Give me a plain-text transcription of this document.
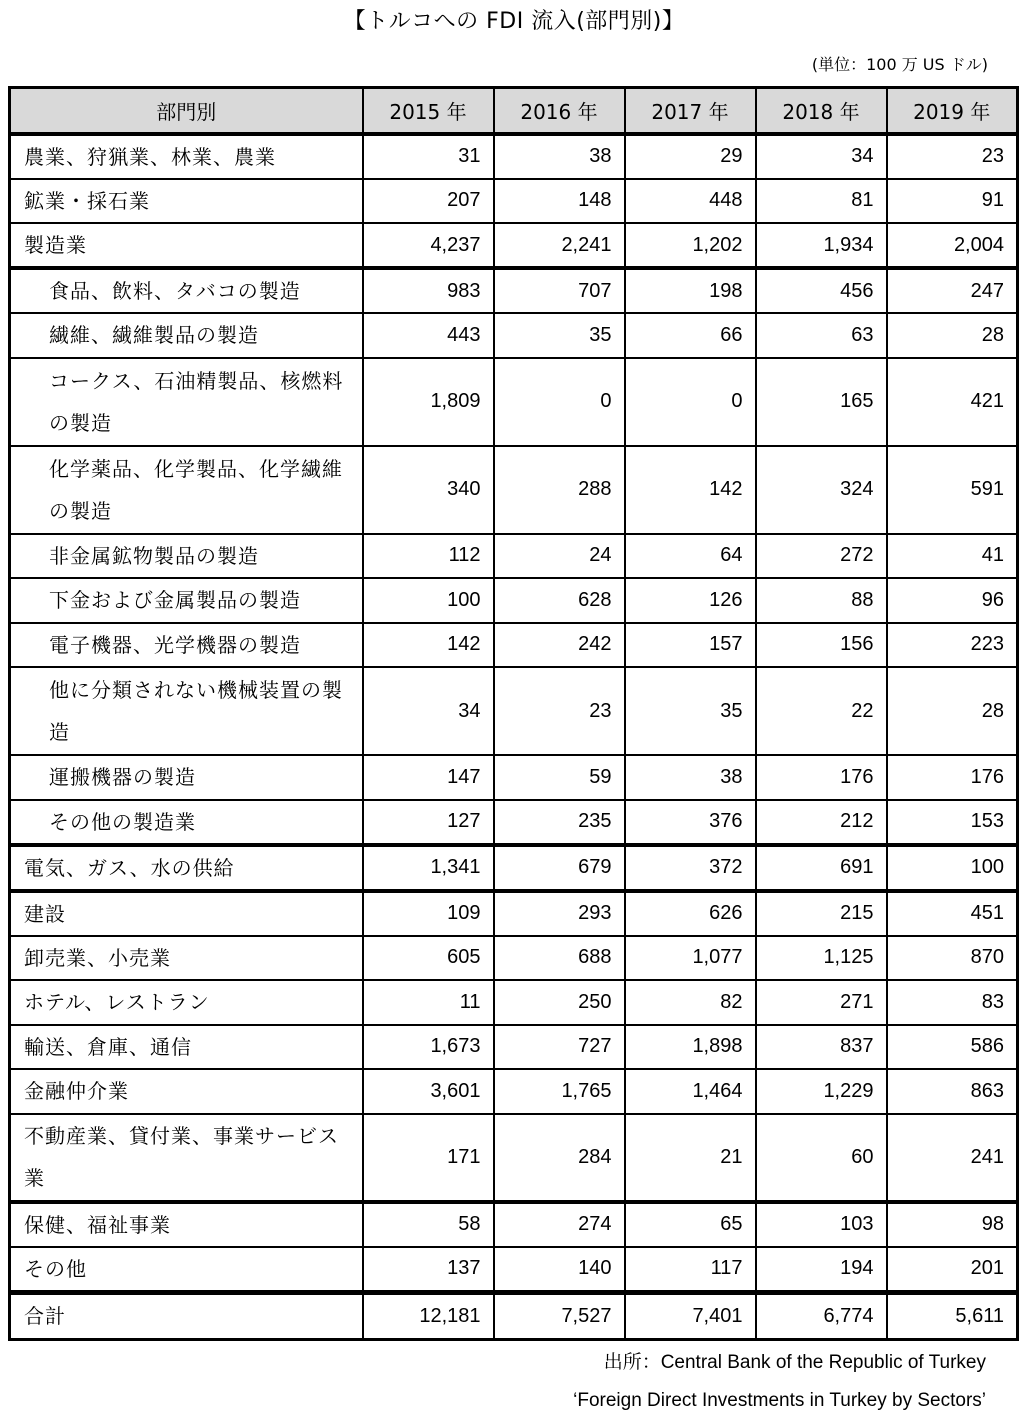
【トルコへの FDI 流入(部門別)】
(単位：100 万 US ドル)
部門別	2015 年	2016 年	2017 年	2018 年	2019 年
農業、狩猟業、林業、農業	31	38	29	34	23
鉱業・採石業	207	148	448	81	91
製造業	4,237	2,241	1,202	1,934	2,004
食品、飲料、タバコの製造	983	707	198	456	247
繊維、繊維製品の製造	443	35	66	63	28
コークス、石油精製品、核燃料の製造	1,809	0	0	165	421
化学薬品、化学製品、化学繊維の製造	340	288	142	324	591
非金属鉱物製品の製造	112	24	64	272	41
下金および金属製品の製造	100	628	126	88	96
電子機器、光学機器の製造	142	242	157	156	223
他に分類されない機械装置の製造	34	23	35	22	28
運搬機器の製造	147	59	38	176	176
その他の製造業	127	235	376	212	153
電気、ガス、水の供給	1,341	679	372	691	100
建設	109	293	626	215	451
卸売業、小売業	605	688	1,077	1,125	870
ホテル、レストラン	11	250	82	271	83
輸送、倉庫、通信	1,673	727	1,898	837	586
金融仲介業	3,601	1,765	1,464	1,229	863
不動産業、貸付業、事業サービス業	171	284	21	60	241
保健、福祉事業	58	274	65	103	98
その他	137	140	117	194	201
合計	12,181	7,527	7,401	6,774	5,611
出所：Central Bank of the Republic of Turkey
‘Foreign Direct Investments in Turkey by Sectors’
